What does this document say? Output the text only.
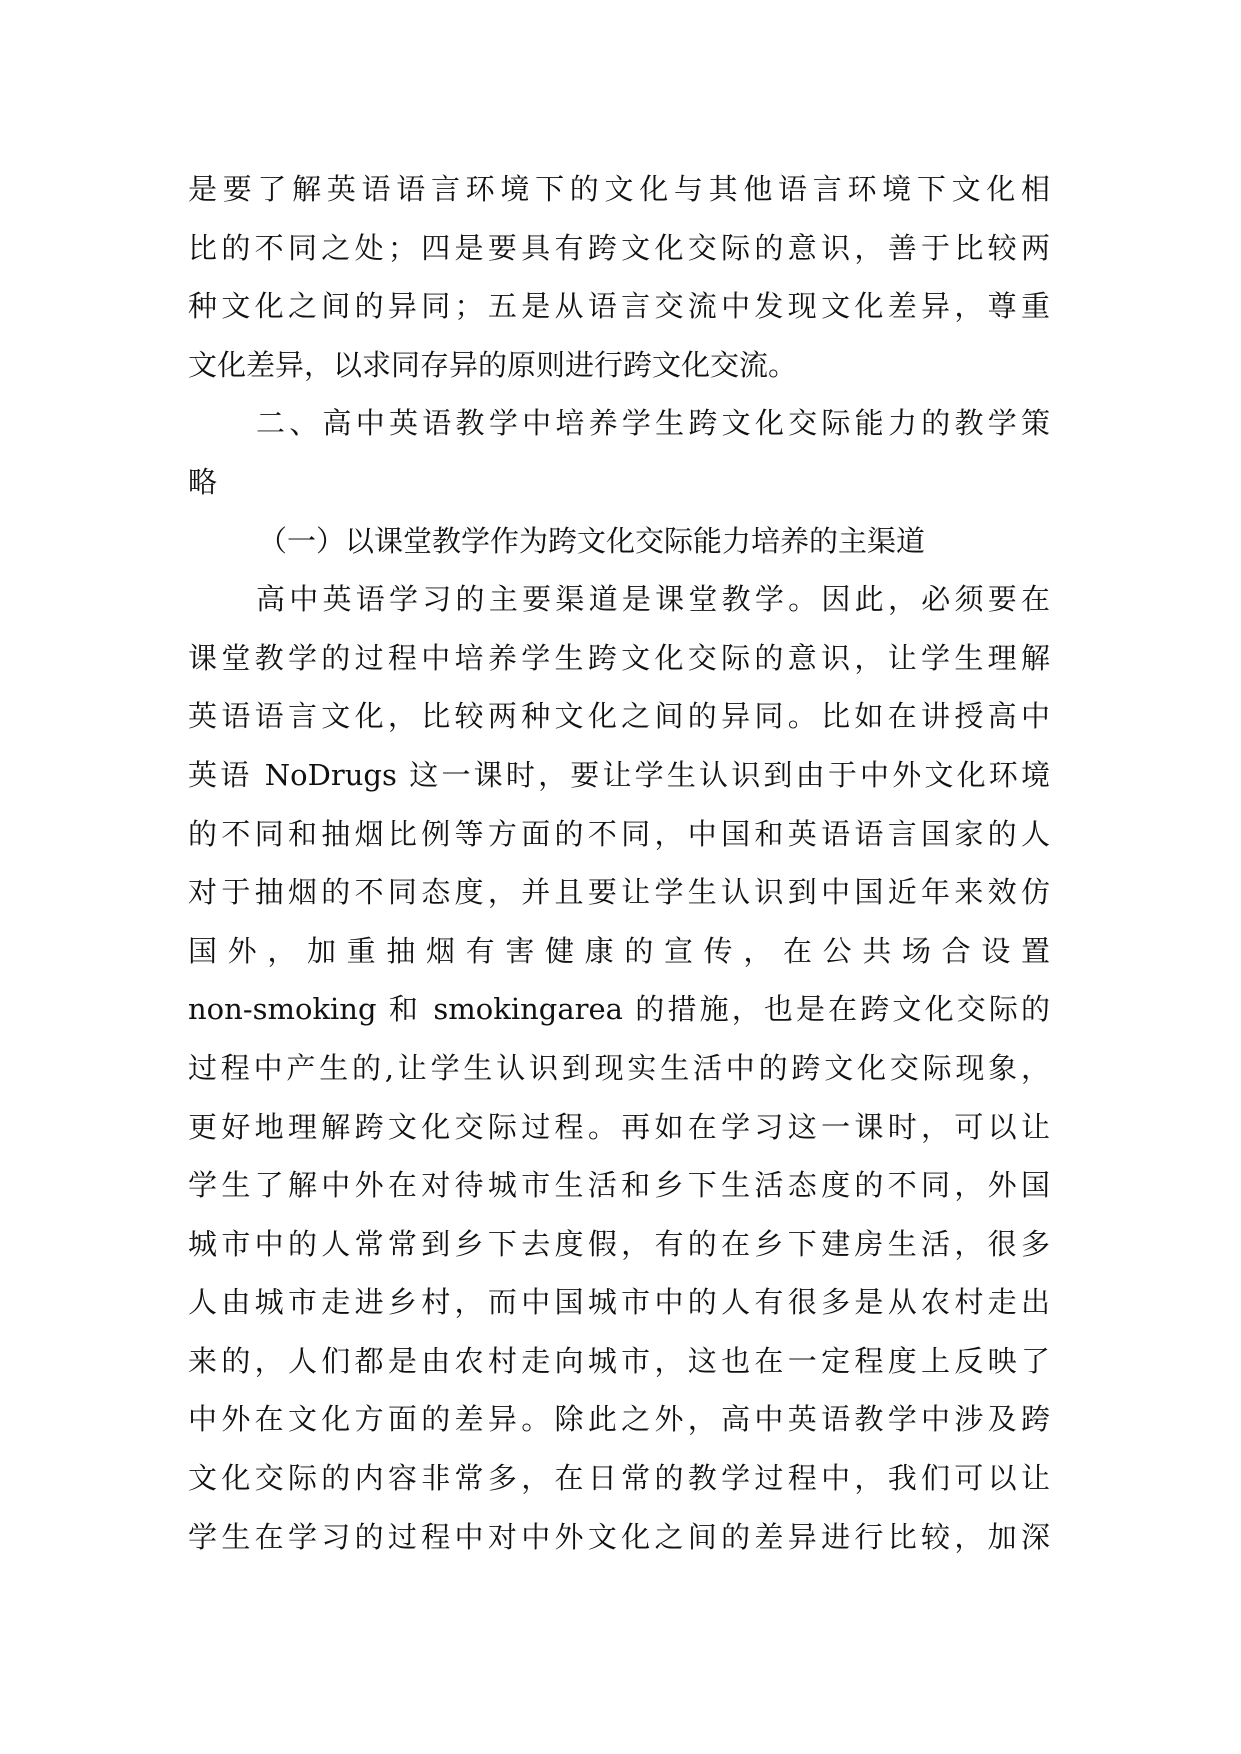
是要了解英语语言环境下的文化与其他语言环境下文化相
比的不同之处；四是要具有跨文化交际的意识，善于比较两
种文化之间的异同；五是从语言交流中发现文化差异，尊重
文化差异，以求同存异的原则进行跨文化交流。
二、高中英语教学中培养学生跨文化交际能力的教学策
略
（一）以课堂教学作为跨文化交际能力培养的主渠道
高中英语学习的主要渠道是课堂教学。因此，必须要在
课堂教学的过程中培养学生跨文化交际的意识，让学生理解
英语语言文化，比较两种文化之间的异同。比如在讲授高中
英语 NoDrugs 这一课时，要让学生认识到由于中外文化环境
的不同和抽烟比例等方面的不同，中国和英语语言国家的人
对于抽烟的不同态度，并且要让学生认识到中国近年来效仿
国外，加重抽烟有害健康的宣传，在公共场合设置
non-smoking 和 smokingarea 的措施，也是在跨文化交际的
过程中产生的,让学生认识到现实生活中的跨文化交际现象，
更好地理解跨文化交际过程。再如在学习这一课时，可以让
学生了解中外在对待城市生活和乡下生活态度的不同，外国
城市中的人常常到乡下去度假，有的在乡下建房生活，很多
人由城市走进乡村，而中国城市中的人有很多是从农村走出
来的，人们都是由农村走向城市，这也在一定程度上反映了
中外在文化方面的差异。除此之外，高中英语教学中涉及跨
文化交际的内容非常多，在日常的教学过程中，我们可以让
学生在学习的过程中对中外文化之间的差异进行比较，加深
